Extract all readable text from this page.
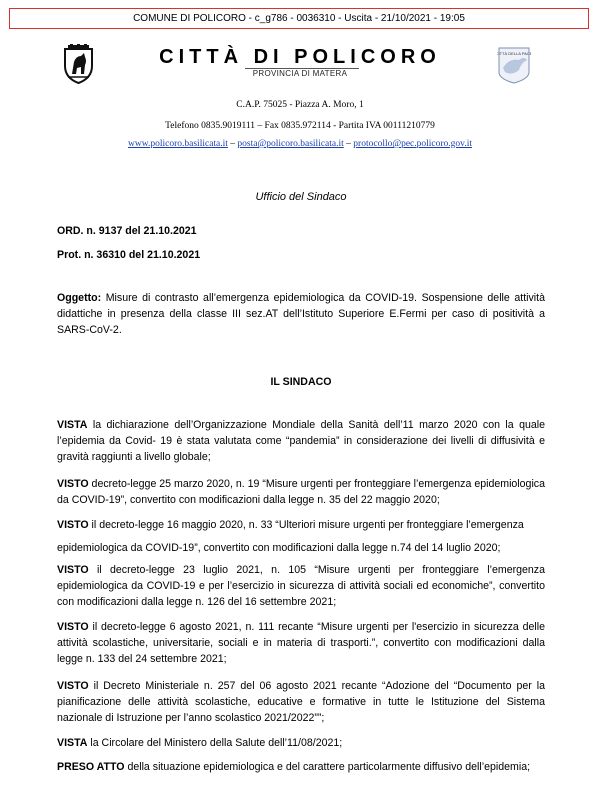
COMUNE DI POLICORO - c_g786 - 0036310 - Uscita - 21/10/2021 - 19:05
CITTÀ DI POLICORO
PROVINCIA DI MATERA
CITTÀ DELLA PACE
C.A.P. 75025 - Piazza A. Moro, 1
Telefono 0835.9019111 – Fax 0835.972114 - Partita IVA 00111210779
www.policoro.basilicata.it – posta@policoro.basilicata.it – protocollo@pec.policoro.gov.it
Ufficio del Sindaco
ORD. n. 9137 del 21.10.2021
Prot. n. 36310 del 21.10.2021
Oggetto: Misure di contrasto all’emergenza epidemiologica da COVID-19. Sospensione delle attività didattiche in presenza della classe III sez.AT dell’Istituto Superiore E.Fermi per caso di positività a SARS-CoV-2.
IL SINDACO
VISTA la dichiarazione dell’Organizzazione Mondiale della Sanità dell’11 marzo 2020 con la quale l’epidemia da Covid- 19 è stata valutata come “pandemia” in considerazione dei livelli di diffusività e gravità raggiunti a livello globale;
VISTO decreto-legge 25 marzo 2020, n. 19 “Misure urgenti per fronteggiare l’emergenza epidemiologica da COVID-19”, convertito con modificazioni dalla legge n. 35 del 22 maggio 2020;
VISTO il decreto-legge 16 maggio 2020, n. 33 “Ulteriori misure urgenti per fronteggiare l’emergenza
epidemiologica da COVID-19”, convertito con modificazioni dalla legge n.74 del 14 luglio 2020;
VISTO il decreto-legge 23 luglio 2021, n. 105 “Misure urgenti per fronteggiare l’emergenza epidemiologica da COVID-19 e per l’esercizio in sicurezza di attività sociali ed economiche”, convertito con modificazioni dalla legge n. 126 del 16 settembre 2021;
VISTO il decreto-legge 6 agosto 2021, n. 111 recante “Misure urgenti per l'esercizio in sicurezza delle attività scolastiche, universitarie, sociali e in materia di trasporti.”, convertito con modificazioni dalla legge n. 133 del 24 settembre 2021;
VISTO il Decreto Ministeriale n. 257 del 06 agosto 2021 recante “Adozione del “Documento per la pianificazione delle attività scolastiche, educative e formative in tutte le Istituzione del Sistema nazionale di Istruzione per l’anno scolastico 2021/2022””;
VISTA la Circolare del Ministero della Salute dell’11/08/2021;
PRESO ATTO della situazione epidemiologica e del carattere particolarmente diffusivo dell’epidemia;
